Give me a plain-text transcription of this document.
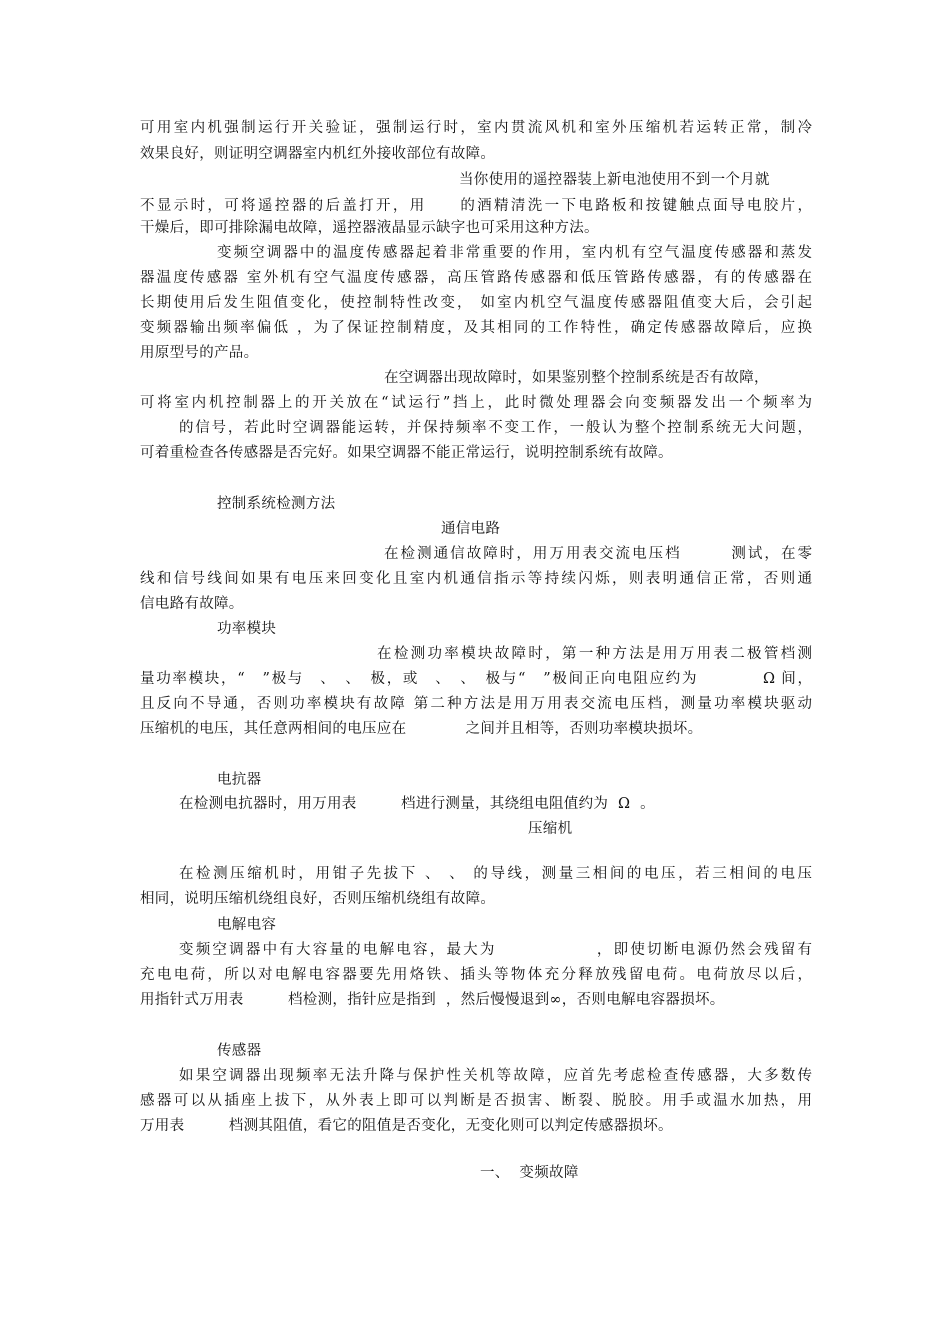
可用室内机强制运行开关验证，强制运行时，室内贯流风机和室外压缩机若运转正常，制冷

效果良好，则证明空调器室内机红外接收部位有故障。

当你使用的遥控器装上新电池使用不到一个月就

不显示时，可将遥控器的后盖打开，用　　的酒精清洗一下电路板和按键触点面导电胶片，

干燥后，即可排除漏电故障，遥控器液晶显示缺字也可采用这种方法。

变频空调器中的温度传感器起着非常重要的作用，室内机有空气温度传感器和蒸发

器温度传感器 室外机有空气温度传感器，高压管路传感器和低压管路传感器，有的传感器在

长期使用后发生阻值变化，使控制特性改变， 如室内机空气温度传感器阻值变大后，会引起

变频器输出频率偏低 ，为了保证控制精度，及其相同的工作特性，确定传感器故障后，应换

用原型号的产品。

在空调器出现故障时，如果鉴别整个控制系统是否有故障，

可将室内机控制器上的开关放在“试运行”挡上，此时微处理器会向变频器发出一个频率为

的信号，若此时空调器能运转，并保持频率不变工作，一般认为整个控制系统无大问题，

可着重检查各传感器是否完好。如果空调器不能正常运行，说明控制系统有故障。

控制系统检测方法

通信电路

在检测通信故障时，用万用表交流电压档　　　测试，在零

线和信号线间如果有电压来回变化且室内机通信指示等持续闪烁，则表明通信正常，否则通

信电路有故障。

功率模块

在检测功率模块故障时，第一种方法是用万用表二极管档测

量功率模块，“　”极与　、　、　极，或　、　、　极与“　”极间正向电阻应约为　　　　Ω 间，

且反向不导通，否则功率模块有故障 第二种方法是用万用表交流电压档，测量功率模块驱动

压缩机的电压，其任意两相间的电压应在　　　　之间并且相等，否则功率模块损坏。

电抗器

在检测电抗器时，用万用表　　　档进行测量，其绕组电阻值约为  Ω  。

压缩机

在检测压缩机时，用钳子先拔下 、 、 的导线，测量三相间的电压，若三相间的电压

相同，说明压缩机绕组良好，否则压缩机绕组有故障。

电解电容

变频空调器中有大容量的电解电容，最大为　　　　　　，即使切断电源仍然会残留有

充电电荷，所以对电解电容器要先用烙铁、插头等物体充分释放残留电荷。电荷放尽以后，

用指针式万用表　　　档检测，指针应是指到  ，然后慢慢退到∞，否则电解电容器损坏。

传感器

如果空调器出现频率无法升降与保护性关机等故障，应首先考虑检查传感器，大多数传

感器可以从插座上拔下，从外表上即可以判断是否损害、断裂、脱胶。用手或温水加热，用

万用表　　　档测其阻值，看它的阻值是否变化，无变化则可以判定传感器损坏。

一、  变频故障
